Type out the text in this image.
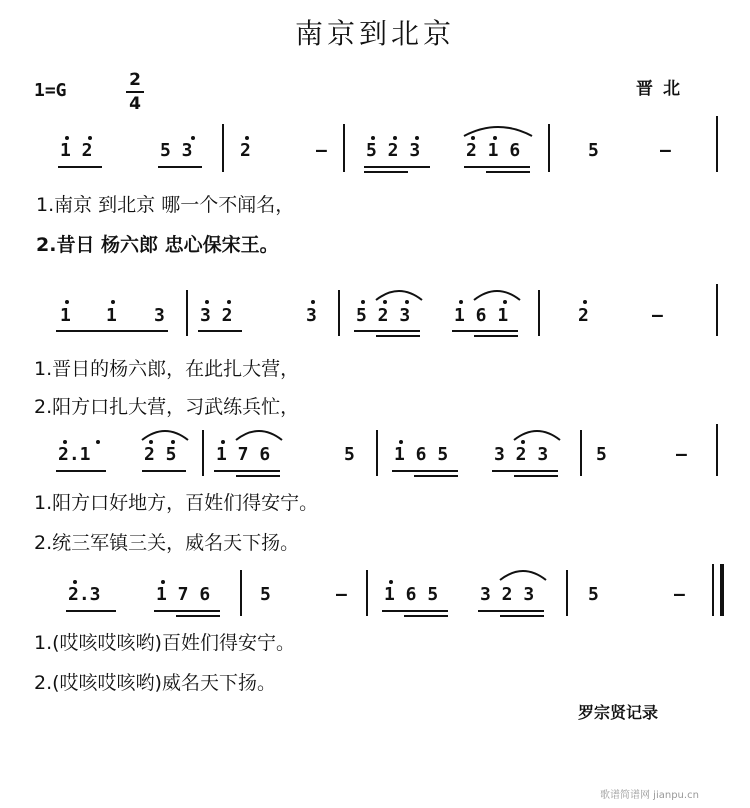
南京到北京
1=G	2
4
晋北
1 2	5 3	2	— 5 2 3	2 1 6	5	—
1.南京 到北京 哪一个不闻名，
2.昔日 杨六郎 忠心保宋王。
1 1 3 3 2	3 5 2 3 1 6 1	2	—
1.晋日的杨六郎，在此扎大营，
2.阳方口扎大营，习武练兵忙，
2.1	2 5 1 7 6	5 1 6 5	3 2 3	5	—
1.阳方口好地方，百姓们得安宁。
2.统三军镇三关，威名天下扬。
2.3	1 7 6	5	— 1 6 5 3 2 3	5	—
1.(哎咳哎咳哟)百姓们得安宁。
2.(哎咳哎咳哟)威名天下扬。
罗宗贤记录
歌谱简谱网 jianpu.cn
